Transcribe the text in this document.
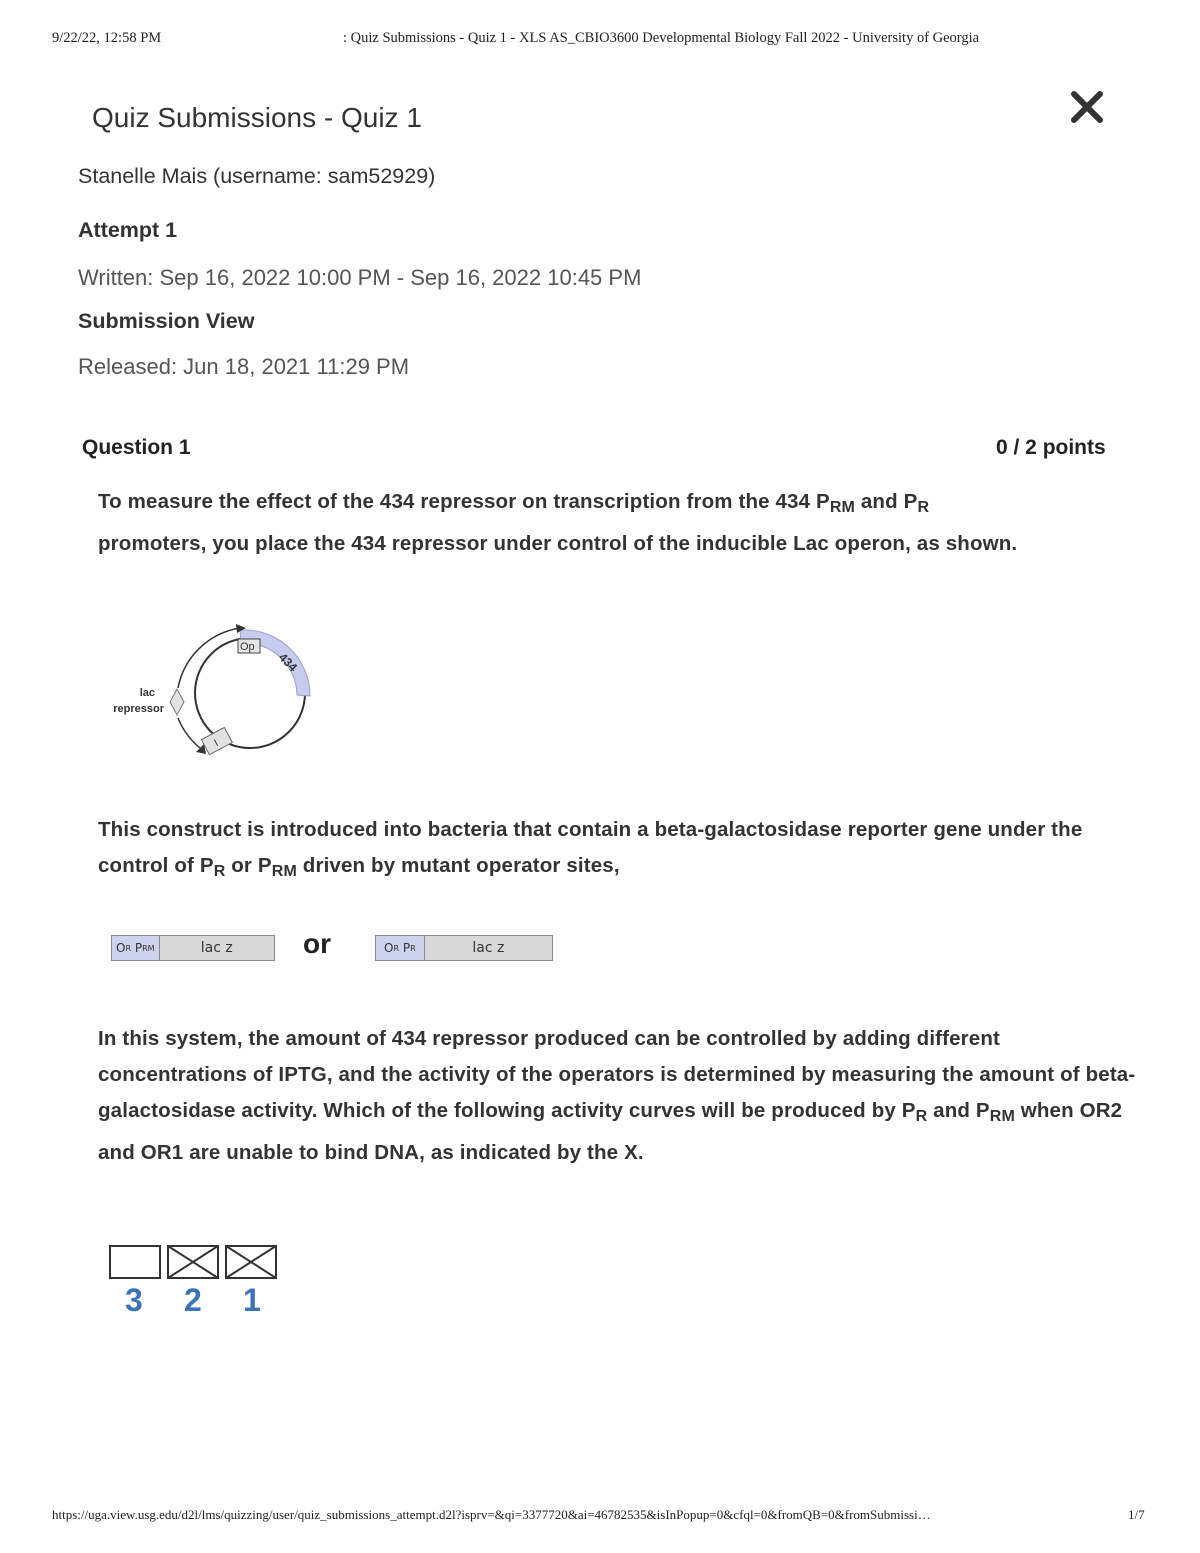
9/22/22, 12:58 PM	: Quiz Submissions - Quiz 1 - XLS AS_CBIO3600 Developmental Biology Fall 2022 - University of Georgia
Quiz Submissions - Quiz 1
Stanelle Mais (username: sam52929)
Attempt 1
Written: Sep 16, 2022 10:00 PM - Sep 16, 2022 10:45 PM
Submission View
Released: Jun 18, 2021 11:29 PM
Question 1	0 / 2 points
To measure the effect of the 434 repressor on transcription from the 434 $P_{RM}$ and $P_R$
promoters, you place the 434 repressor under control of the inducible Lac operon, as shown.
Op
434
lac
repressor
I
This construct is introduced into bacteria that contain a beta-galactosidase reporter gene under the control of $P_R$ or $P_{RM}$ driven by mutant operator sites,
O R
P RM	lac z	or	O R
P R	lac z
In this system, the amount of 434 repressor produced can be controlled by adding different concentrations of IPTG, and the activity of the operators is determined by measuring the amount of beta-galactosidase activity. Which of the following activity curves will be produced by $P_R$ and $P_{RM}$ when OR2 and OR1 are unable to bind DNA, as indicated by the X.
3 2 1
https://uga.view.usg.edu/d2l/lms/quizzing/user/quiz_submissions_attempt.d2l?isprv=&qi=3377720&ai=46782535&isInPopup=0&cfql=0&fromQB=0&fromSubmissi…	1/7
